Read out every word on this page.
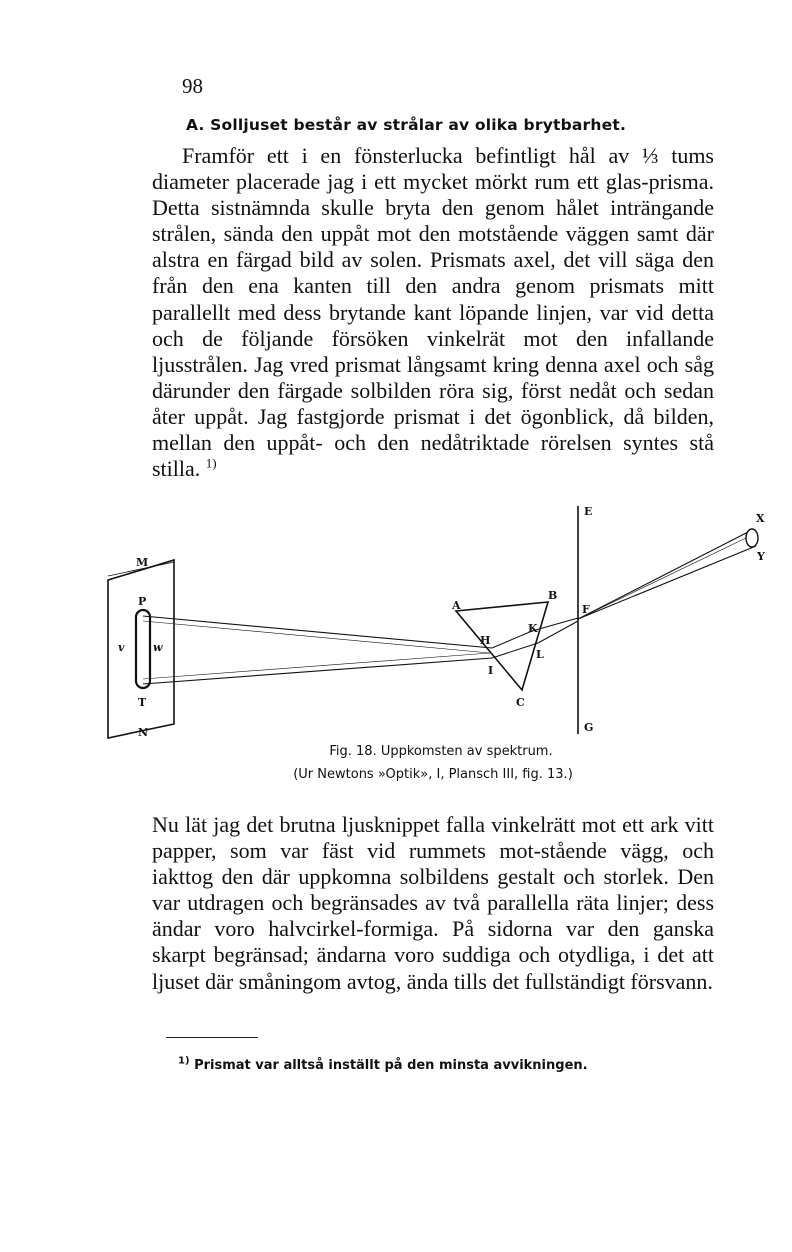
98
A. Solljuset består av strålar av olika brytbarhet.
Framför ett i en fönsterlucka befintligt hål av ⅓ tums diameter placerade jag i ett mycket mörkt rum ett glas-prisma. Detta sistnämnda skulle bryta den genom hålet inträngande strålen, sända den uppåt mot den motstående väggen samt där alstra en färgad bild av solen. Prismats axel, det vill säga den från den ena kanten till den andra genom prismats mitt parallellt med dess brytande kant löpande linjen, var vid detta och de följande försöken vinkelrät mot den infallande ljusstrålen. Jag vred prismat långsamt kring denna axel och såg därunder den färgade solbilden röra sig, först nedåt och sedan åter uppåt. Jag fastgjorde prismat i det ögonblick, då bilden, mellan den uppåt- och den nedåtriktade rörelsen syntes stå stilla. $^{1)}$
M
P
v	w
T
N
A
B
H
I
K
L
C
E
F
G
X
Y
Fig. 18. Uppkomsten av spektrum.
(Ur Newtons »Optik», I, Plansch III, fig. 13.)
Nu lät jag det brutna ljusknippet falla vinkelrätt mot ett ark vitt papper, som var fäst vid rummets mot-stående vägg, och iakttog den där uppkomna solbildens gestalt och storlek. Den var utdragen och begränsades av två parallella räta linjer; dess ändar voro halvcirkel-formiga. På sidorna var den ganska skarpt begränsad; ändarna voro suddiga och otydliga, i det att ljuset där småningom avtog, ända tills det fullständigt försvann.
$^{1)}$ Prismat var alltså inställt på den minsta avvikningen.
